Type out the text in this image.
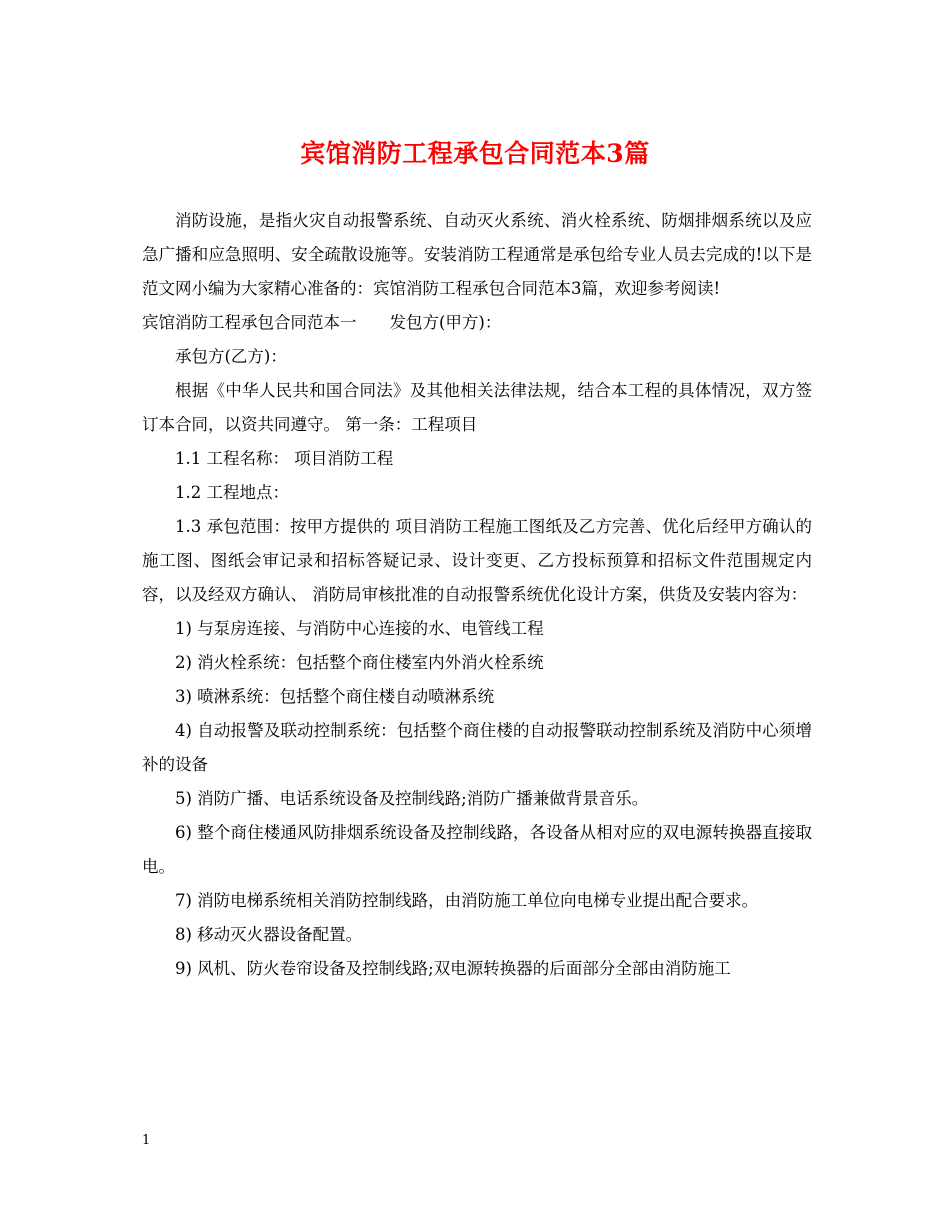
宾馆消防工程承包合同范本3篇

消防设施，是指火灾自动报警系统、自动灭火系统、消火栓系统、防烟排烟系统以及应急广播和应急照明、安全疏散设施等。安装消防工程通常是承包给专业人员去完成的!以下是范文网小编为大家精心准备的：宾馆消防工程承包合同范本3篇，欢迎参考阅读!

宾馆消防工程承包合同范本一　　发包方(甲方)：

承包方(乙方)：

根据《中华人民共和国合同法》及其他相关法律法规，结合本工程的具体情况，双方签订本合同，以资共同遵守。 第一条：工程项目

1.1 工程名称： 项目消防工程

1.2 工程地点：

1.3 承包范围：按甲方提供的 项目消防工程施工图纸及乙方完善、优化后经甲方确认的施工图、图纸会审记录和招标答疑记录、设计变更、乙方投标预算和招标文件范围规定内容，以及经双方确认、 消防局审核批准的自动报警系统优化设计方案，供货及安装内容为：

1) 与泵房连接、与消防中心连接的水、电管线工程

2) 消火栓系统：包括整个商住楼室内外消火栓系统

3) 喷淋系统：包括整个商住楼自动喷淋系统

4) 自动报警及联动控制系统：包括整个商住楼的自动报警联动控制系统及消防中心须增补的设备

5) 消防广播、电话系统设备及控制线路;消防广播兼做背景音乐。

6) 整个商住楼通风防排烟系统设备及控制线路，各设备从相对应的双电源转换器直接取电。

7) 消防电梯系统相关消防控制线路，由消防施工单位向电梯专业提出配合要求。

8) 移动灭火器设备配置。

9) 风机、防火卷帘设备及控制线路;双电源转换器的后面部分全部由消防施工

1
